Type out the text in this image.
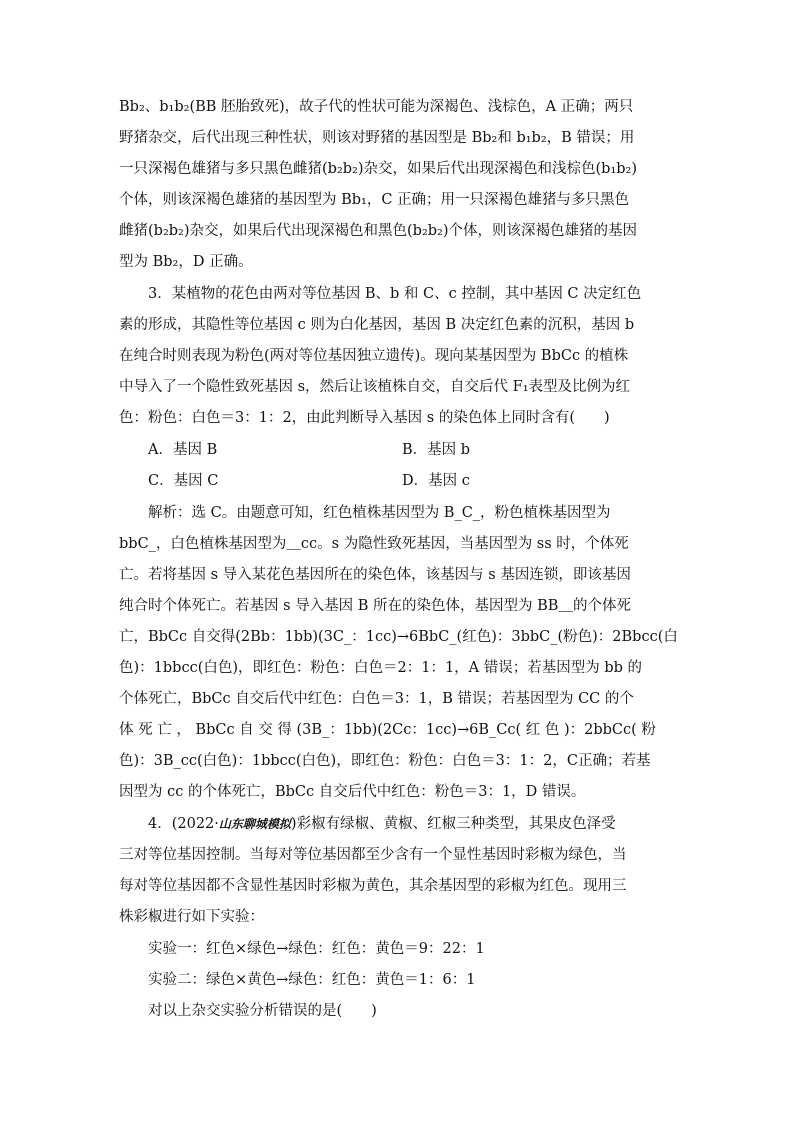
Bb₂、b₁b₂(BB 胚胎致死)，故子代的性状可能为深褐色、浅棕色，A 正确；两只
野猪杂交，后代出现三种性状，则该对野猪的基因型是 Bb₂和 b₁b₂，B 错误；用
一只深褐色雄猪与多只黑色雌猪(b₂b₂)杂交，如果后代出现深褐色和浅棕色(b₁b₂)
个体，则该深褐色雄猪的基因型为 Bb₁，C 正确；用一只深褐色雄猪与多只黑色
雌猪(b₂b₂)杂交，如果后代出现深褐色和黑色(b₂b₂)个体，则该深褐色雄猪的基因
型为 Bb₂，D 正确。
3．某植物的花色由两对等位基因 B、b 和 C、c 控制，其中基因 C 决定红色
素的形成，其隐性等位基因 c 则为白化基因，基因 B 决定红色素的沉积，基因 b
在纯合时则表现为粉色(两对等位基因独立遗传)。现向某基因型为 BbCc 的植株
中导入了一个隐性致死基因 s，然后让该植株自交，自交后代 F₁表型及比例为红
色：粉色：白色＝3：1：2，由此判断导入基因 s 的染色体上同时含有(　　)
A．基因 B	B．基因 b
C．基因 C	D．基因 c
解析：选 C。由题意可知，红色植株基因型为 B_C_，粉色植株基因型为
bbC_，白色植株基因型为＿cc。s 为隐性致死基因，当基因型为 ss 时，个体死
亡。若将基因 s 导入某花色基因所在的染色体，该基因与 s 基因连锁，即该基因
纯合时个体死亡。若基因 s 导入基因 B 所在的染色体，基因型为 BB＿的个体死
亡，BbCc 自交得(2Bb：1bb)(3C_：1cc)→6BbC_(红色)：3bbC_(粉色)：2Bbcc(白
色)：1bbcc(白色)，即红色：粉色：白色＝2：1：1，A 错误；若基因型为 bb 的
个体死亡，BbCc 自交后代中红色：白色＝3：1，B 错误；若基因型为 CC 的个
体 死 亡 ， BbCc 自 交 得 (3B_：1bb)(2Cc：1cc)→6B_Cc( 红 色 )：2bbCc( 粉
色)：3B_cc(白色)：1bbcc(白色)，即红色：粉色：白色＝3：1：2，C正确；若基
因型为 cc 的个体死亡，BbCc 自交后代中红色：粉色＝3：1，D 错误。
4．(2022·山东聊城模拟)彩椒有绿椒、黄椒、红椒三种类型，其果皮色泽受
三对等位基因控制。当每对等位基因都至少含有一个显性基因时彩椒为绿色，当
每对等位基因都不含显性基因时彩椒为黄色，其余基因型的彩椒为红色。现用三
株彩椒进行如下实验：
实验一：红色×绿色→绿色：红色：黄色＝9：22：1
实验二：绿色×黄色→绿色：红色：黄色＝1：6：1
对以上杂交实验分析错误的是(　　)
